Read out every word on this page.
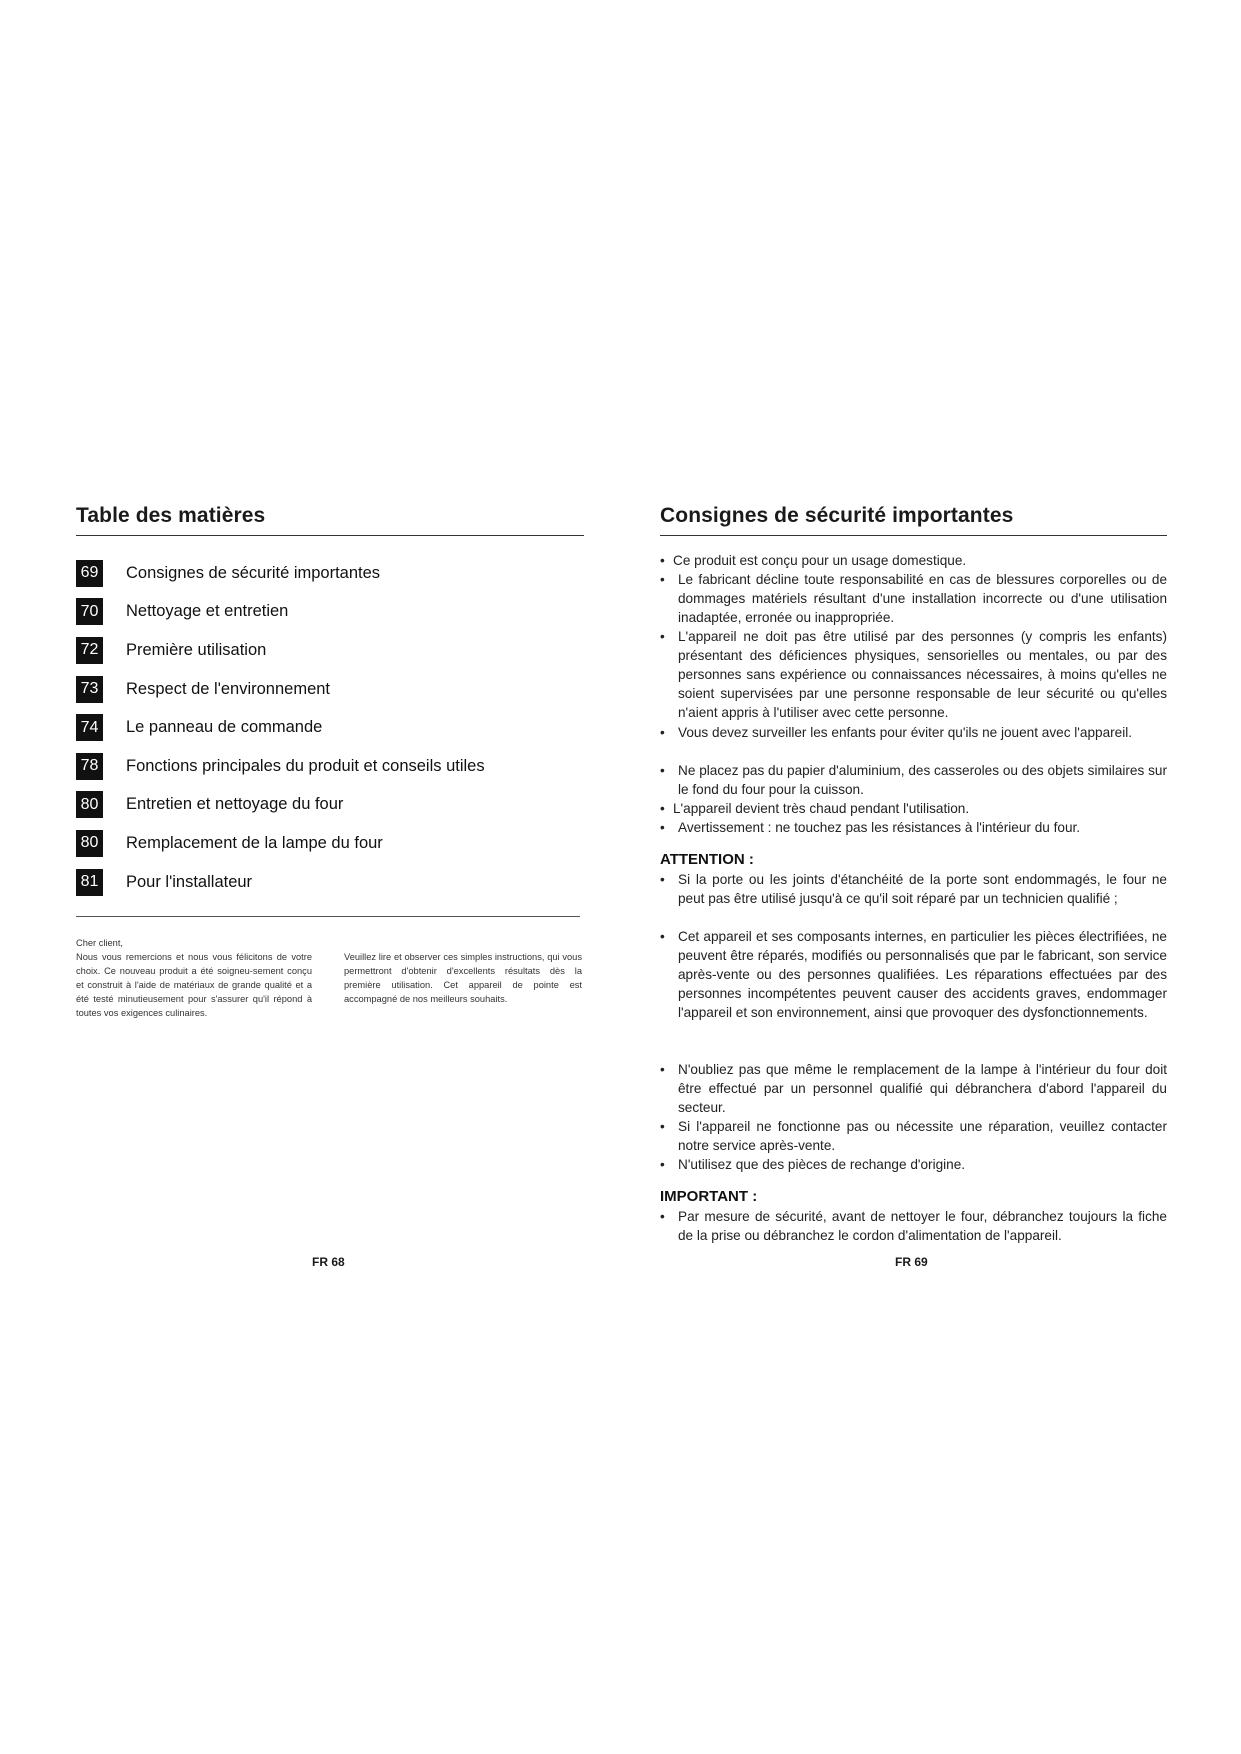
Table des matières
69 Consignes de sécurité importantes
70 Nettoyage et entretien
72 Première utilisation
73 Respect de l'environnement
74 Le panneau de commande
78 Fonctions principales du produit et conseils utiles
80 Entretien et nettoyage du four
80 Remplacement de la lampe du four
81 Pour l'installateur
Cher client,
Nous vous remercions et nous vous félicitons de votre choix. Ce nouveau produit a été soigneu-sement conçu et construit à l'aide de matériaux de grande qualité et a été testé minutieusement pour s'assurer qu'il répond à toutes vos exigences culinaires.
Veuillez lire et observer ces simples instructions, qui vous permettront d'obtenir d'excellents résultats dès la première utilisation. Cet appareil de pointe est accompagné de nos meilleurs souhaits.
FR 68
Consignes de sécurité importantes
• Ce produit est conçu pour un usage domestique.
• Le fabricant décline toute responsabilité en cas de blessures corporelles ou de dommages matériels résultant d'une installation incorrecte ou d'une utilisation inadaptée, erronée ou inappropriée.
• L'appareil ne doit pas être utilisé par des personnes (y compris les enfants) présentant des déficiences physiques, sensorielles ou mentales, ou par des personnes sans expérience ou connaissances nécessaires, à moins qu'elles ne soient supervisées par une personne responsable de leur sécurité ou qu'elles n'aient appris à l'utiliser avec cette personne.
• Vous devez surveiller les enfants pour éviter qu'ils ne jouent avec l'appareil.
• Ne placez pas du papier d'aluminium, des casseroles ou des objets similaires sur le fond du four pour la cuisson.
• L'appareil devient très chaud pendant l'utilisation.
• Avertissement : ne touchez pas les résistances à l'intérieur du four.
ATTENTION :
• Si la porte ou les joints d'étanchéité de la porte sont endommagés, le four ne peut pas être utilisé jusqu'à ce qu'il soit réparé par un technicien qualifié ;
• Cet appareil et ses composants internes, en particulier les pièces électrifiées, ne peuvent être réparés, modifiés ou personnalisés que par le fabricant, son service après-vente ou des personnes qualifiées. Les réparations effectuées par des personnes incompétentes peuvent causer des accidents graves, endommager l'appareil et son environnement, ainsi que provoquer des dysfonctionnements.
• N'oubliez pas que même le remplacement de la lampe à l'intérieur du four doit être effectué par un personnel qualifié qui débranchera d'abord l'appareil du secteur.
• Si l'appareil ne fonctionne pas ou nécessite une réparation, veuillez contacter notre service après-vente.
• N'utilisez que des pièces de rechange d'origine.
IMPORTANT :
• Par mesure de sécurité, avant de nettoyer le four, débranchez toujours la fiche de la prise ou débranchez le cordon d'alimentation de l'appareil.
FR 69
